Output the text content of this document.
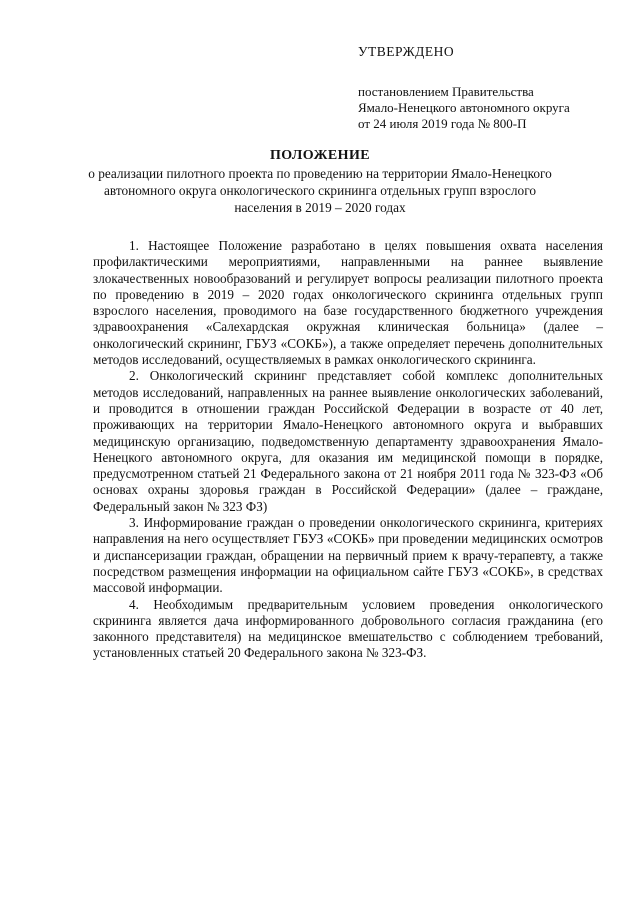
УТВЕРЖДЕНО
постановлением Правительства
Ямало-Ненецкого автономного округа
от 24 июля 2019 года № 800-П
ПОЛОЖЕНИЕ
о реализации пилотного проекта по проведению на территории Ямало-Ненецкого автономного округа онкологического скрининга отдельных групп взрослого населения в 2019 – 2020 годах

1. Настоящее Положение разработано в целях повышения охвата населения профилактическими мероприятиями, направленными на раннее выявление злокачественных новообразований и регулирует вопросы реализации пилотного проекта по проведению в 2019 – 2020 годах онкологического скрининга отдельных групп взрослого населения, проводимого на базе государственного бюджетного учреждения здравоохранения «Салехардская окружная клиническая больница» (далее – онкологический скрининг, ГБУЗ «СОКБ»), а также определяет перечень дополнительных методов исследований, осуществляемых в рамках онкологического скрининга.

2. Онкологический скрининг представляет собой комплекс дополнительных методов исследований, направленных на раннее выявление онкологических заболеваний, и проводится в отношении граждан Российской Федерации в возрасте от 40 лет, проживающих на территории Ямало-Ненецкого автономного округа и выбравших медицинскую организацию, подведомственную департаменту здравоохранения Ямало-Ненецкого автономного округа, для оказания им медицинской помощи в порядке, предусмотренном статьей 21 Федерального закона от 21 ноября 2011 года № 323-ФЗ «Об основах охраны здоровья граждан в Российской Федерации» (далее – граждане, Федеральный закон № 323 ФЗ)

3. Информирование граждан о проведении онкологического скрининга, критериях направления на него осуществляет ГБУЗ «СОКБ» при проведении медицинских осмотров и диспансеризации граждан, обращении на первичный прием к врачу-терапевту, а также посредством размещения информации на официальном сайте ГБУЗ «СОКБ», в средствах массовой информации.

4. Необходимым предварительным условием проведения онкологического скрининга является дача информированного добровольного согласия гражданина (его законного представителя) на медицинское вмешательство с соблюдением требований, установленных статьей 20 Федерального закона № 323-ФЗ.
